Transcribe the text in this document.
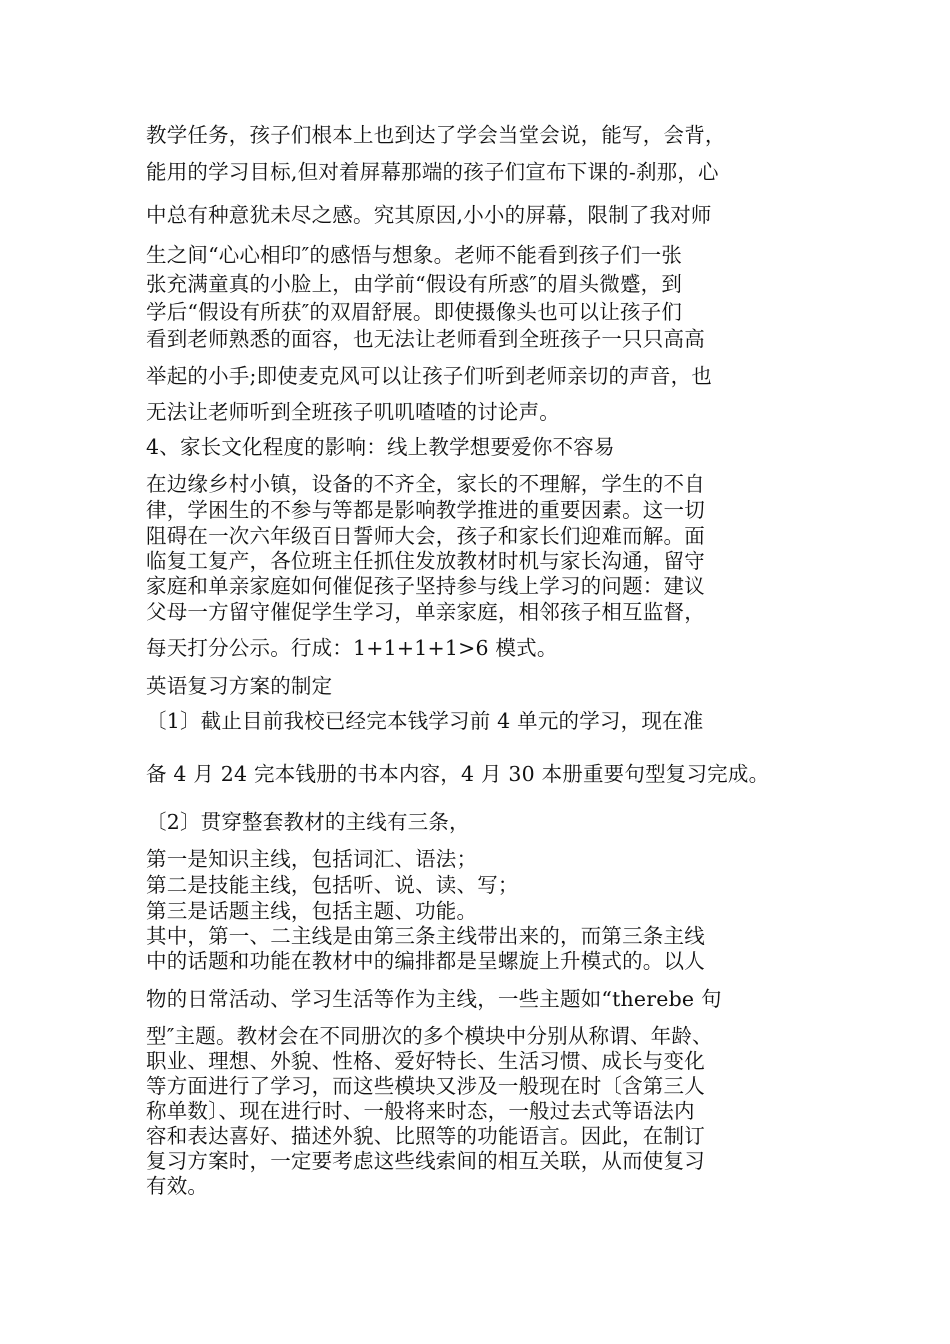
教学任务，孩子们根本上也到达了学会当堂会说，能写，会背，
能用的学习目标,但对着屏幕那端的孩子们宣布下课的-刹那，心
中总有种意犹未尽之感。究其原因,小小的屏幕，限制了我对师
生之间“心心相印″的感悟与想象。老师不能看到孩子们一张
张充满童真的小脸上，由学前“假设有所惑″的眉头微蹙，到
学后“假设有所获″的双眉舒展。即使摄像头也可以让孩子们
看到老师熟悉的面容，也无法让老师看到全班孩子一只只高高
举起的小手;即使麦克风可以让孩子们听到老师亲切的声音，也
无法让老师听到全班孩子叽叽喳喳的讨论声。
4、家长文化程度的影响：线上教学想要爱你不容易
在边缘乡村小镇，设备的不齐全，家长的不理解，学生的不自
律，学困生的不参与等都是影响教学推进的重要因素。这一切
阻碍在一次六年级百日誓师大会，孩子和家长们迎难而解。面
临复工复产，各位班主任抓住发放教材时机与家长沟通，留守
家庭和单亲家庭如何催促孩子坚持参与线上学习的问题：建议
父母一方留守催促学生学习，单亲家庭，相邻孩子相互监督，
每天打分公示。行成：1+1+1+1>6 模式。
英语复习方案的制定
〔1〕截止目前我校已经完本钱学习前 4 单元的学习，现在准
备 4 月 24 完本钱册的书本内容，4 月 30 本册重要句型复习完成。
〔2〕贯穿整套教材的主线有三条，
第一是知识主线，包括词汇、语法；
第二是技能主线，包括听、说、读、写；
第三是话题主线，包括主题、功能。
其中，第一、二主线是由第三条主线带出来的，而第三条主线
中的话题和功能在教材中的编排都是呈螺旋上升模式的。以人
物的日常活动、学习生活等作为主线，一些主题如“therebe 句
型″主题。教材会在不同册次的多个模块中分别从称谓、年龄、
职业、理想、外貌、性格、爱好特长、生活习惯、成长与变化
等方面进行了学习，而这些模块又涉及一般现在时〔含第三人
称单数〕、现在进行时、一般将来时态，一般过去式等语法内
容和表达喜好、描述外貌、比照等的功能语言。因此，在制订
复习方案时，一定要考虑这些线索间的相互关联，从而使复习
有效。
